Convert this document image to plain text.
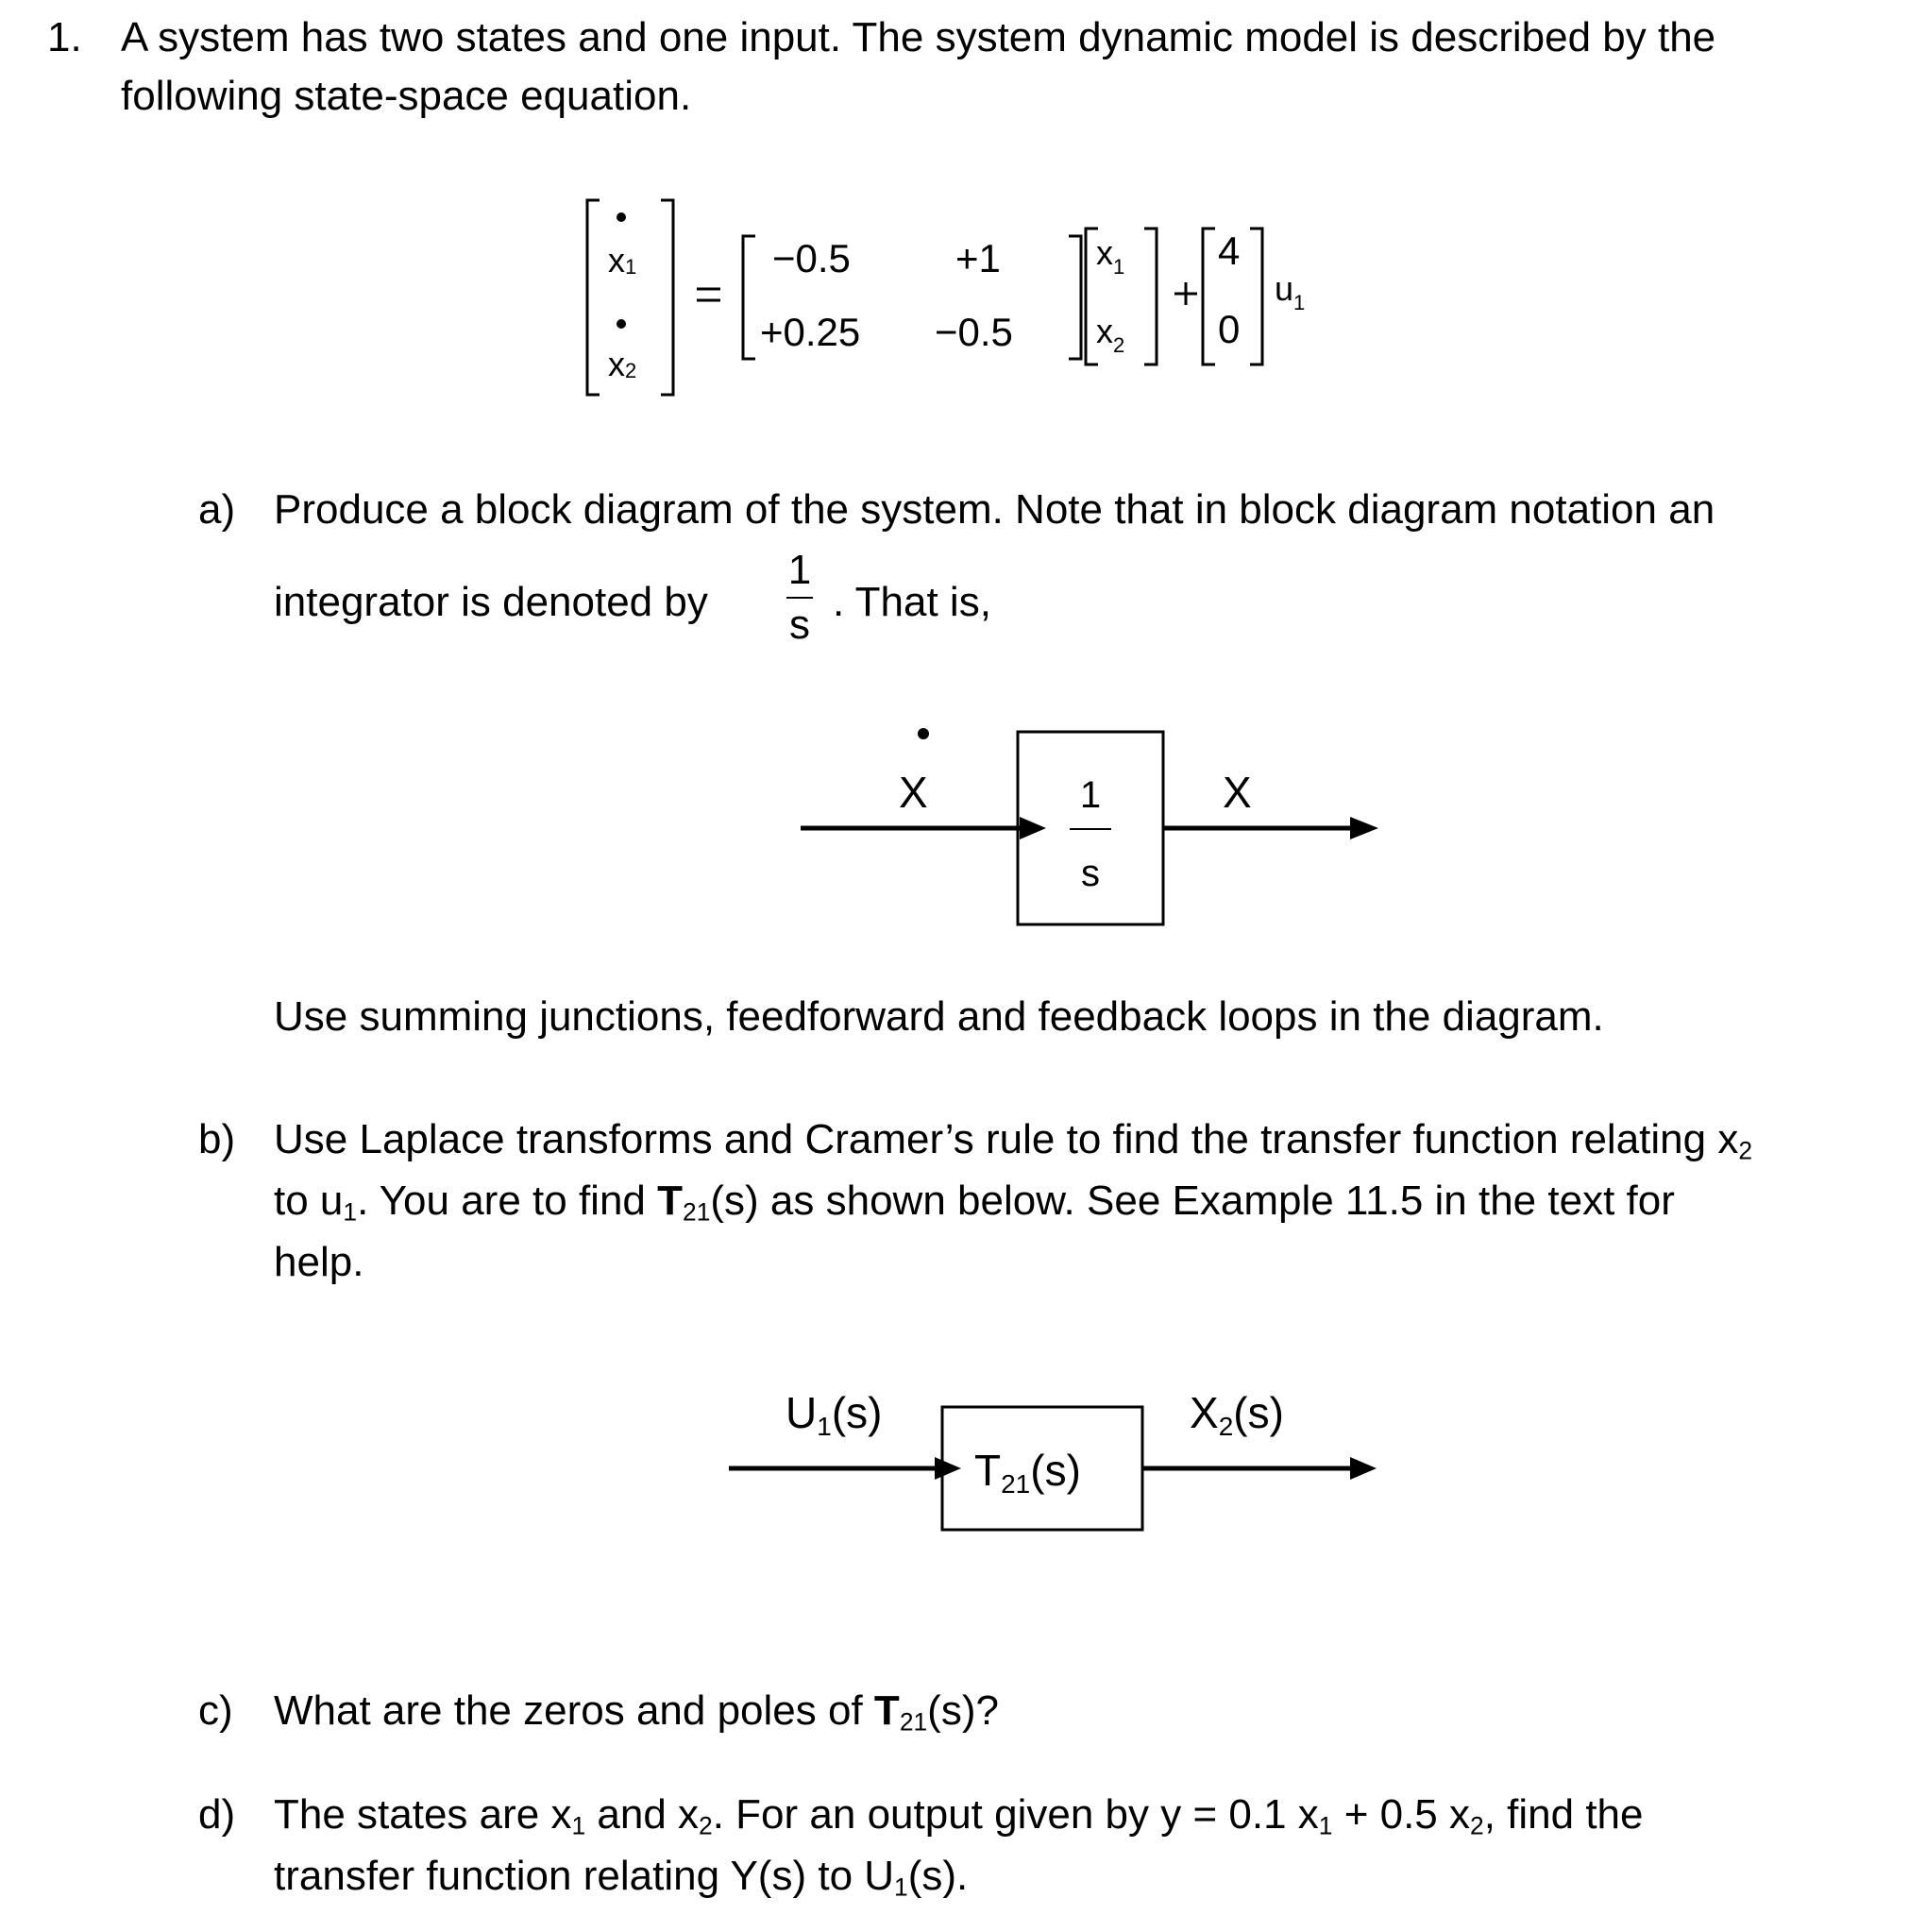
1. A system has two states and one input. The system dynamic model is described by the
following state-space equation.
x1
x2
−0.5	+1
+0.25 −0.5
$x_1$
$x_2$
4
0
$u_1$
a) Produce a block diagram of the system. Note that in block diagram notation an
integrator is denoted by
1
s . That is,
X	1
s
X
Use summing junctions, feedforward and feedback loops in the diagram.
b) Use Laplace transforms and Cramer’s rule to find the transfer function relating $x_2$
to $u_1$. You are to find $T_{21}(s)$ as shown below. See Example 11.5 in the text for
help.
U1(s)
T21(s)
X2(s)
c) What are the zeros and poles of $T_{21}(s)$?
d) The states are $x_1$ and $x_2$. For an output given by y = 0.1 $x_1 + 0.5$ $x_2$, find the
transfer function relating Y(s) to $U_1(s)$.
